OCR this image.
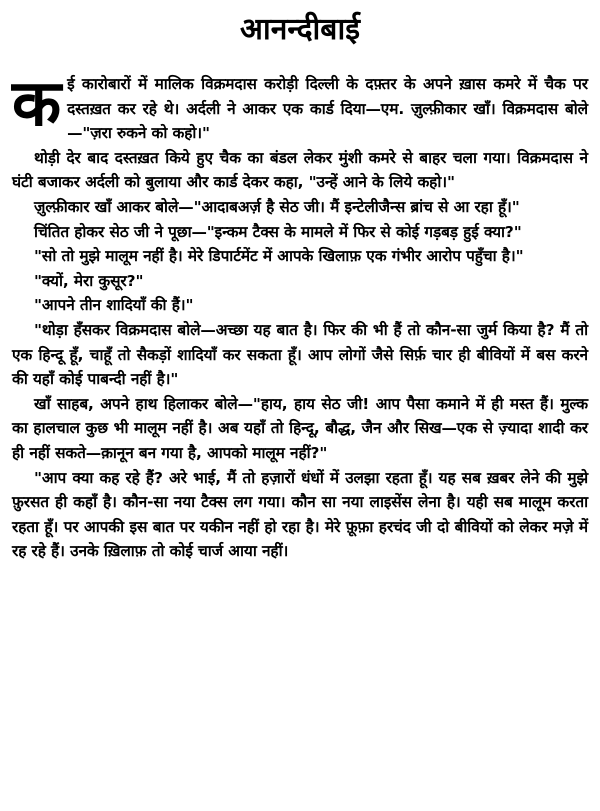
आनन्दीबाई

कई कारोबारों में मालिक विक्रमदास करोड़ी दिल्ली के दफ़्तर के अपने ख़ास कमरे में चैक पर दस्तख़त कर रहे थे। अर्दली ने आकर एक कार्ड दिया—एम. ज़ुल्फ़ीकार खाँ। विक्रमदास बोले—"ज़रा रुकने को कहो।"

थोड़ी देर बाद दस्तख़त किये हुए चैक का बंडल लेकर मुंशी कमरे से बाहर चला गया। विक्रमदास ने घंटी बजाकर अर्दली को बुलाया और कार्ड देकर कहा, "उन्हें आने के लिये कहो।"

ज़ुल्फ़ीकार खाँ आकर बोले—"आदाबअर्ज़ है सेठ जी। मैं इन्टेलीजैन्स ब्रांच से आ रहा हूँ।"

चिंतित होकर सेठ जी ने पूछा—"इन्कम टैक्स के मामले में फिर से कोई गड़बड़ हुई क्या?"

"सो तो मुझे मालूम नहीं है। मेरे डिपार्टमेंट में आपके खिलाफ़ एक गंभीर आरोप पहुँचा है।"

"क्यों, मेरा कुसूर?"

"आपने तीन शादियाँ की हैं।"

"थोड़ा हँसकर विक्रमदास बोले—अच्छा यह बात है। फिर की भी हैं तो कौन-सा जुर्म किया है? मैं तो एक हिन्दू हूँ, चाहूँ तो सैकड़ों शादियाँ कर सकता हूँ। आप लोगों जैसे सिर्फ़ चार ही बीवियों में बस करने की यहाँ कोई पाबन्दी नहीं है।"

खाँ साहब, अपने हाथ हिलाकर बोले—"हाय, हाय सेठ जी! आप पैसा कमाने में ही मस्त हैं। मुल्क का हालचाल कुछ भी मालूम नहीं है। अब यहाँ तो हिन्दू, बौद्ध, जैन और सिख—एक से ज़्यादा शादी कर ही नहीं सकते—क़ानून बन गया है, आपको मालूम नहीं?"

"आप क्या कह रहे हैं? अरे भाई, मैं तो हज़ारों धंधों में उलझा रहता हूँ। यह सब ख़बर लेने की मुझे फ़ुरसत ही कहाँ है। कौन-सा नया टैक्स लग गया। कौन सा नया लाइसेंस लेना है। यही सब मालूम करता रहता हूँ। पर आपकी इस बात पर यकीन नहीं हो रहा है। मेरे फ़ूफ़ा हरचंद जी दो बीवियों को लेकर मज़े में रह रहे हैं। उनके ख़िलाफ़ तो कोई चार्ज आया नहीं।
